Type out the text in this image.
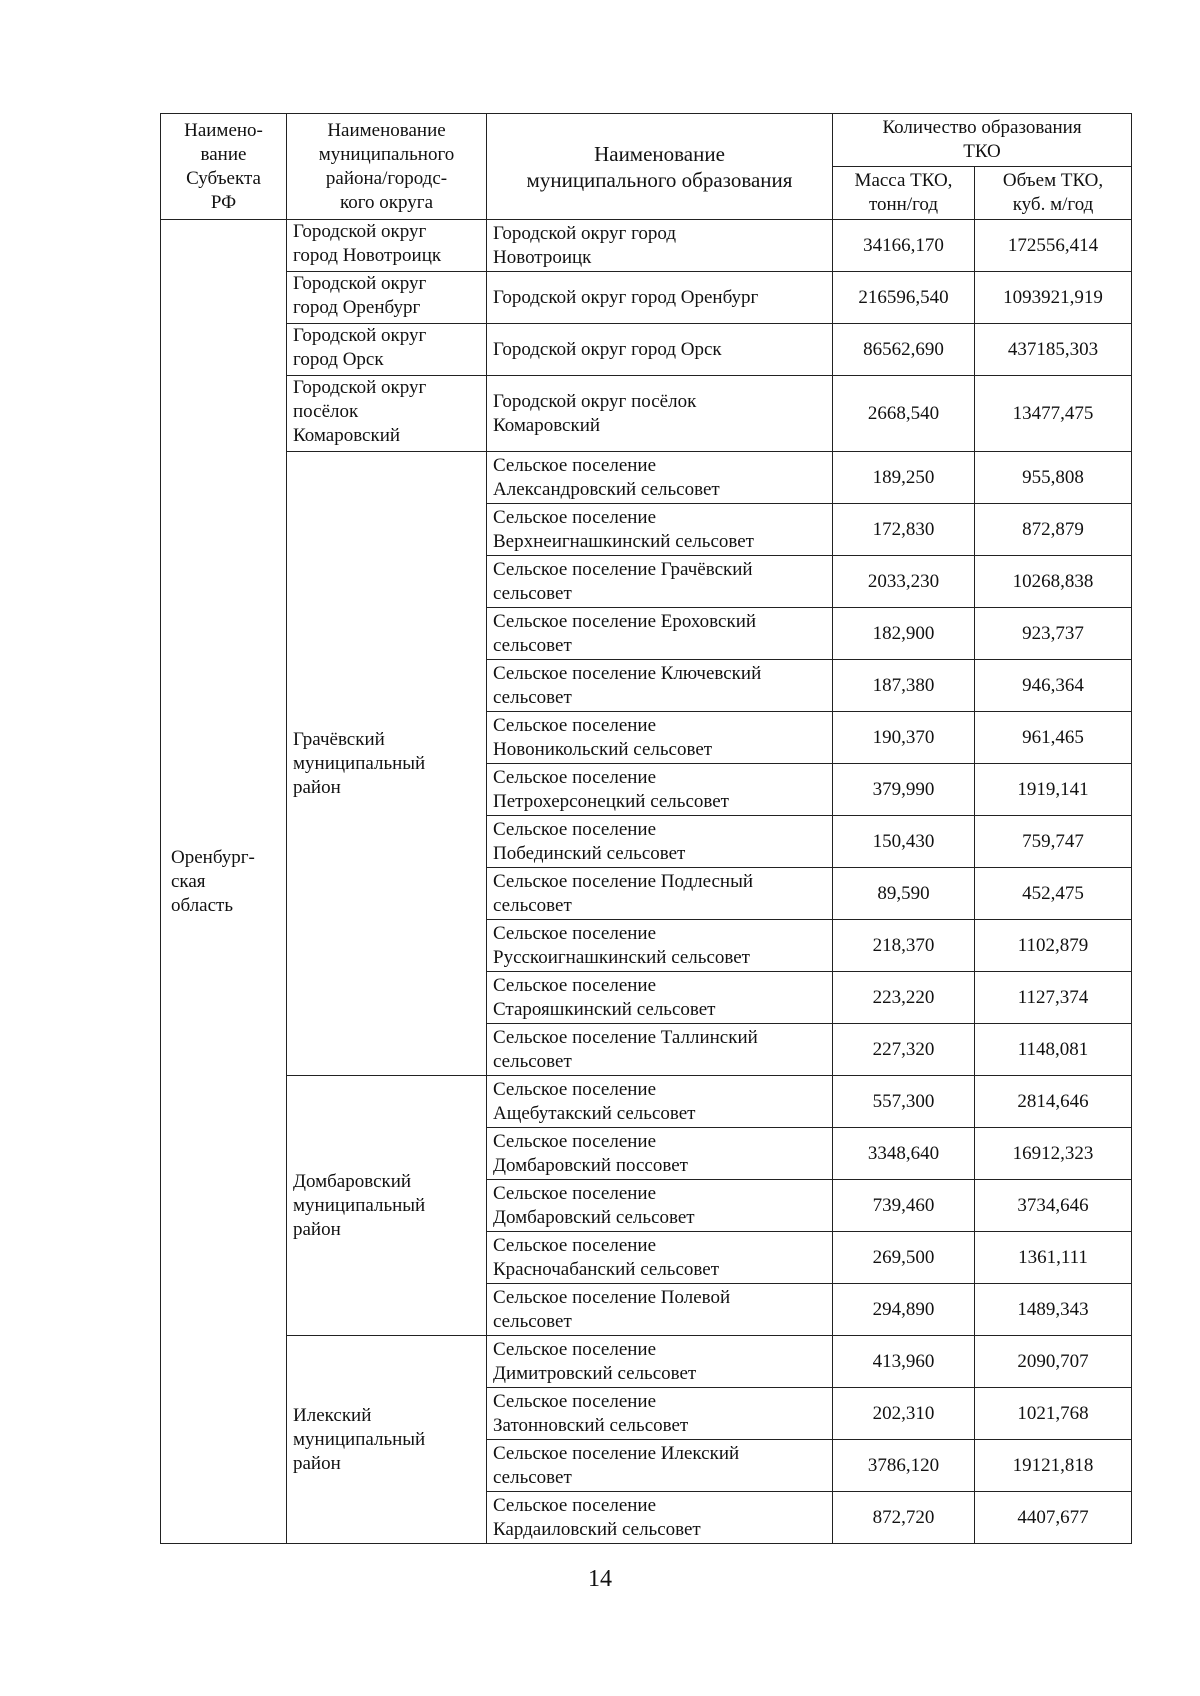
Наимено-
вание
Субъекта
РФ	Наименование
муниципального
района/городс-
кого округа	Наименование
муниципального образования	Количество образования
ТКО	
			Масса ТКО,
тонн/год	Объем ТКО,
куб. м/год
Оренбург-
ская
область	Городской округ
город Новотроицк	Городской округ город
Новотроицк	34166,170	172556,414
	Городской округ
город Оренбург	Городской округ город Оренбург	216596,540	1093921,919
	Городской округ
город Орск	Городской округ город Орск	86562,690	437185,303
	Городской округ
посёлок
Комаровский	Городской округ посёлок
Комаровский	2668,540	13477,475
	Грачёвский
муниципальный
район	Сельское поселение
Александровский сельсовет	189,250	955,808
		Сельское поселение
Верхнеигнашкинский сельсовет	172,830	872,879
		Сельское поселение Грачёвский
сельсовет	2033,230	10268,838
		Сельское поселение Ероховский
сельсовет	182,900	923,737
		Сельское поселение Ключевский
сельсовет	187,380	946,364
		Сельское поселение
Новоникольский сельсовет	190,370	961,465
		Сельское поселение
Петрохерсонецкий сельсовет	379,990	1919,141
		Сельское поселение
Побединский сельсовет	150,430	759,747
		Сельское поселение Подлесный
сельсовет	89,590	452,475
		Сельское поселение
Русскоигнашкинский сельсовет	218,370	1102,879
		Сельское поселение
Старояшкинский сельсовет	223,220	1127,374
		Сельское поселение Таллинский
сельсовет	227,320	1148,081
	Домбаровский
муниципальный
район	Сельское поселение
Ащебутакский сельсовет	557,300	2814,646
		Сельское поселение
Домбаровский поссовет	3348,640	16912,323
		Сельское поселение
Домбаровский сельсовет	739,460	3734,646
		Сельское поселение
Красночабанский сельсовет	269,500	1361,111
		Сельское поселение Полевой
сельсовет	294,890	1489,343
	Илекский
муниципальный
район	Сельское поселение
Димитровский сельсовет	413,960	2090,707
		Сельское поселение
Затонновский сельсовет	202,310	1021,768
		Сельское поселение Илекский
сельсовет	3786,120	19121,818
		Сельское поселение
Кардаиловский сельсовет	872,720	4407,677
14
